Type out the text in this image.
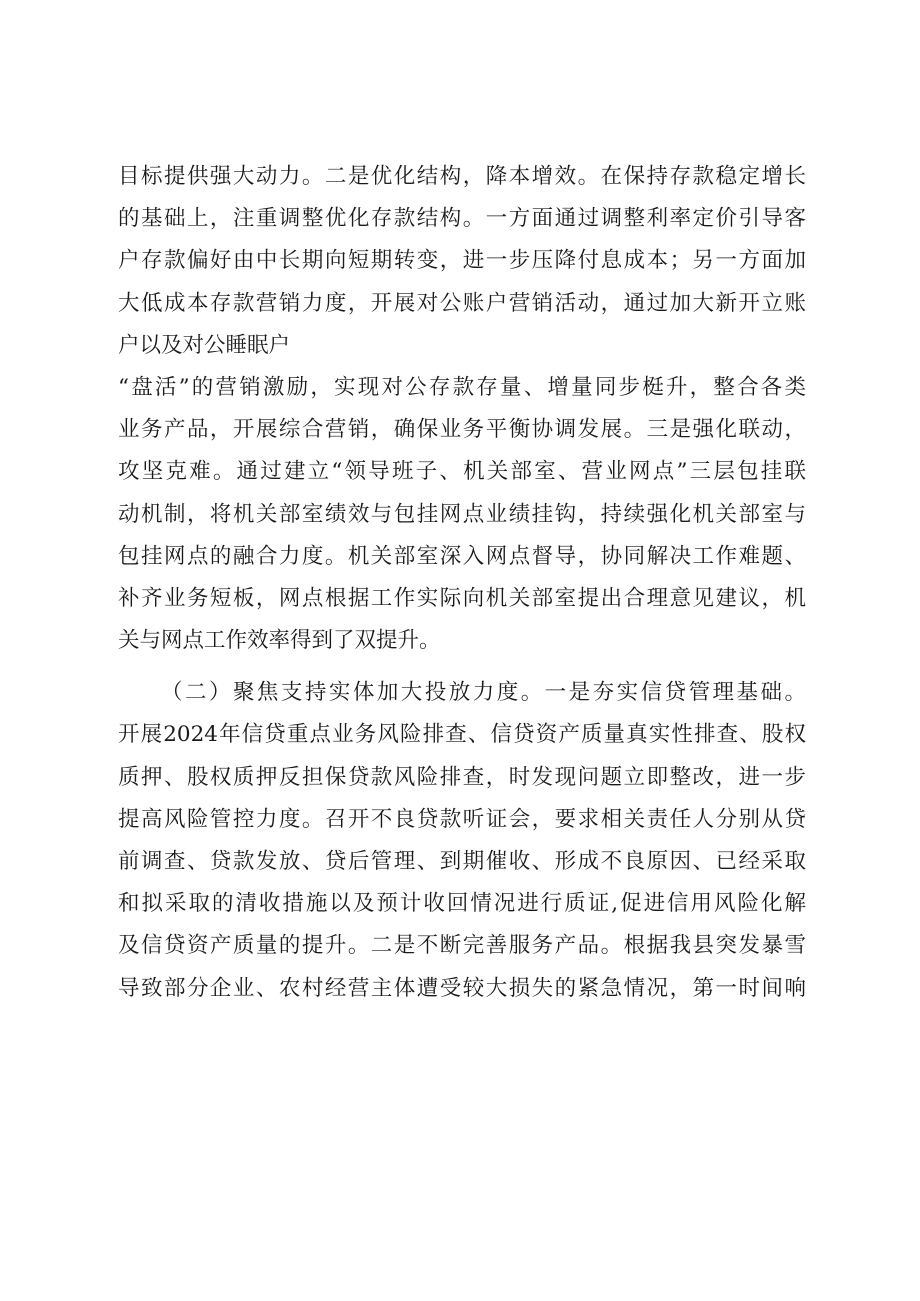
目标提供强大动力。二是优化结构，降本增效。在保持存款稳定增长
的基础上，注重调整优化存款结构。一方面通过调整利率定价引导客
户存款偏好由中长期向短期转变，进一步压降付息成本；另一方面加
大低成本存款营销力度，开展对公账户营销活动，通过加大新开立账
户以及对公睡眠户
“盘活”的营销激励，实现对公存款存量、增量同步梃升，整合各类
业务产品，开展综合营销，确保业务平衡协调发展。三是强化联动，
攻坚克难。通过建立“领导班子、机关部室、营业网点”三层包挂联
动机制，将机关部室绩效与包挂网点业绩挂钩，持续强化机关部室与
包挂网点的融合力度。机关部室深入网点督导，协同解决工作难题、
补齐业务短板，网点根据工作实际向机关部室提出合理意见建议，机
关与网点工作效率得到了双提升。
（二）聚焦支持实体加大投放力度。一是夯实信贷管理基础。
开展2024年信贷重点业务风险排查、信贷资产质量真实性排查、股权
质押、股权质押反担保贷款风险排查，时发现问题立即整改，进一步
提高风险管控力度。召开不良贷款听证会，要求相关责任人分别从贷
前调查、贷款发放、贷后管理、到期催收、形成不良原因、已经采取
和拟采取的清收措施以及预计收回情况进行质证,促进信用风险化解
及信贷资产质量的提升。二是不断完善服务产品。根据我县突发暴雪
导致部分企业、农村经营主体遭受较大损失的紧急情况，第一时间响
